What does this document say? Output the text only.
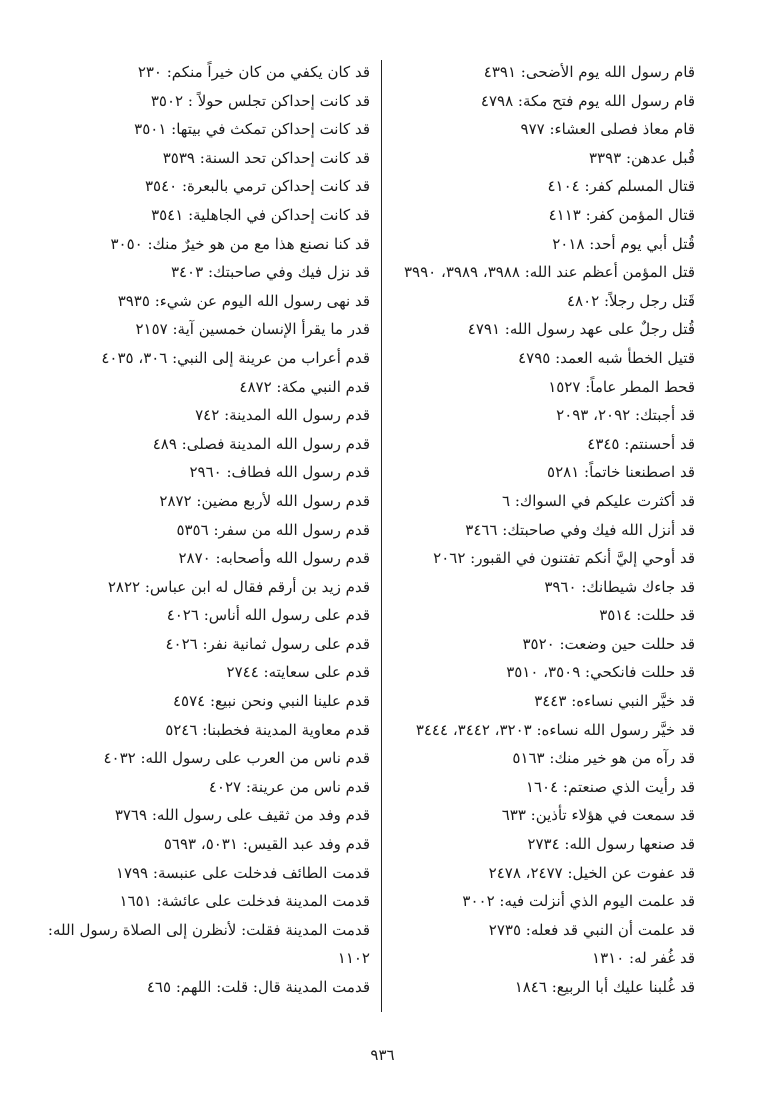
قام رسول الله يوم الأضحى: ٤٣٩١
قام رسول الله يوم فتح مكة: ٤٧٩٨
قام معاذ فصلى العشاء: ٩٧٧
قُبل عدهن: ٣٣٩٣
قتال المسلم كفر: ٤١٠٤
قتال المؤمن كفر: ٤١١٣
قُتل أبي يوم أحد: ٢٠١٨
قتل المؤمن أعظم عند الله: ٣٩٨٨، ٣٩٨٩، ٣٩٩٠
قَتل رجل رجلاً: ٤٨٠٢
قُتل رجلٌ على عهد رسول الله: ٤٧٩١
قتيل الخطأ شبه العمد: ٤٧٩٥
قحط المطر عاماً: ١٥٢٧
قد أجبتك: ٢٠٩٢، ٢٠٩٣
قد أحسنتم: ٤٣٤٥
قد اصطنعنا خاتماً: ٥٢٨١
قد أكثرت عليكم في السواك: ٦
قد أنزل الله فيك وفي صاحبتك: ٣٤٦٦
قد أوحي إليَّ أنكم تفتنون في القبور: ٢٠٦٢
قد جاءك شيطانك: ٣٩٦٠
قد حللت: ٣٥١٤
قد حللت حين وضعت: ٣٥٢٠
قد حللت فانكحي: ٣٥٠٩، ٣٥١٠
قد خيَّر النبي نساءه: ٣٤٤٣
قد خيَّر رسول الله نساءه: ٣٢٠٣، ٣٤٤٢، ٣٤٤٤
قد رآه من هو خير منك: ٥١٦٣
قد رأيت الذي صنعتم: ١٦٠٤
قد سمعت في هؤلاء تأذين: ٦٣٣
قد صنعها رسول الله: ٢٧٣٤
قد عفوت عن الخيل: ٢٤٧٧، ٢٤٧٨
قد علمت اليوم الذي أنزلت فيه: ٣٠٠٢
قد علمت أن النبي قد فعله: ٢٧٣٥
قد غُفر له: ١٣١٠
قد غُلبنا عليك أبا الربيع: ١٨٤٦
قد كان يكفي من كان خيراً منكم: ٢٣٠
قد كانت إحداكن تجلس حولاً : ٣٥٠٢
قد كانت إحداكن تمكث في بيتها: ٣٥٠١
قد كانت إحداكن تحد السنة: ٣٥٣٩
قد كانت إحداكن ترمي بالبعرة: ٣٥٤٠
قد كانت إحداكن في الجاهلية: ٣٥٤١
قد كنا نصنع هذا مع من هو خيرٌ منك: ٣٠٥٠
قد نزل فيك وفي صاحبتك: ٣٤٠٣
قد نهى رسول الله اليوم عن شيء: ٣٩٣٥
قدر ما يقرأ الإنسان خمسين آية: ٢١٥٧
قدم أعراب من عرينة إلى النبي: ٣٠٦، ٤٠٣٥
قدم النبي مكة: ٤٨٧٢
قدم رسول الله المدينة: ٧٤٢
قدم رسول الله المدينة فصلى: ٤٨٩
قدم رسول الله فطاف: ٢٩٦٠
قدم رسول الله لأربع مضين: ٢٨٧٢
قدم رسول الله من سفر: ٥٣٥٦
قدم رسول الله وأصحابه: ٢٨٧٠
قدم زيد بن أرقم فقال له ابن عباس: ٢٨٢٢
قدم على رسول الله أناس: ٤٠٢٦
قدم على رسول ثمانية نفر: ٤٠٢٦
قدم على سعايته: ٢٧٤٤
قدم علينا النبي ونحن نبيع: ٤٥٧٤
قدم معاوية المدينة فخطبنا: ٥٢٤٦
قدم ناس من العرب على رسول الله: ٤٠٣٢
قدم ناس من عرينة: ٤٠٢٧
قدم وفد من ثقيف على رسول الله: ٣٧٦٩
قدم وفد عبد القيس: ٥٠٣١، ٥٦٩٣
قدمت الطائف فدخلت على عنبسة: ١٧٩٩
قدمت المدينة فدخلت على عائشة: ١٦٥١
قدمت المدينة فقلت: لأنظرن إلى الصلاة رسول الله:
١١٠٢
قدمت المدينة قال: قلت: اللهم: ٤٦٥
٩٣٦
